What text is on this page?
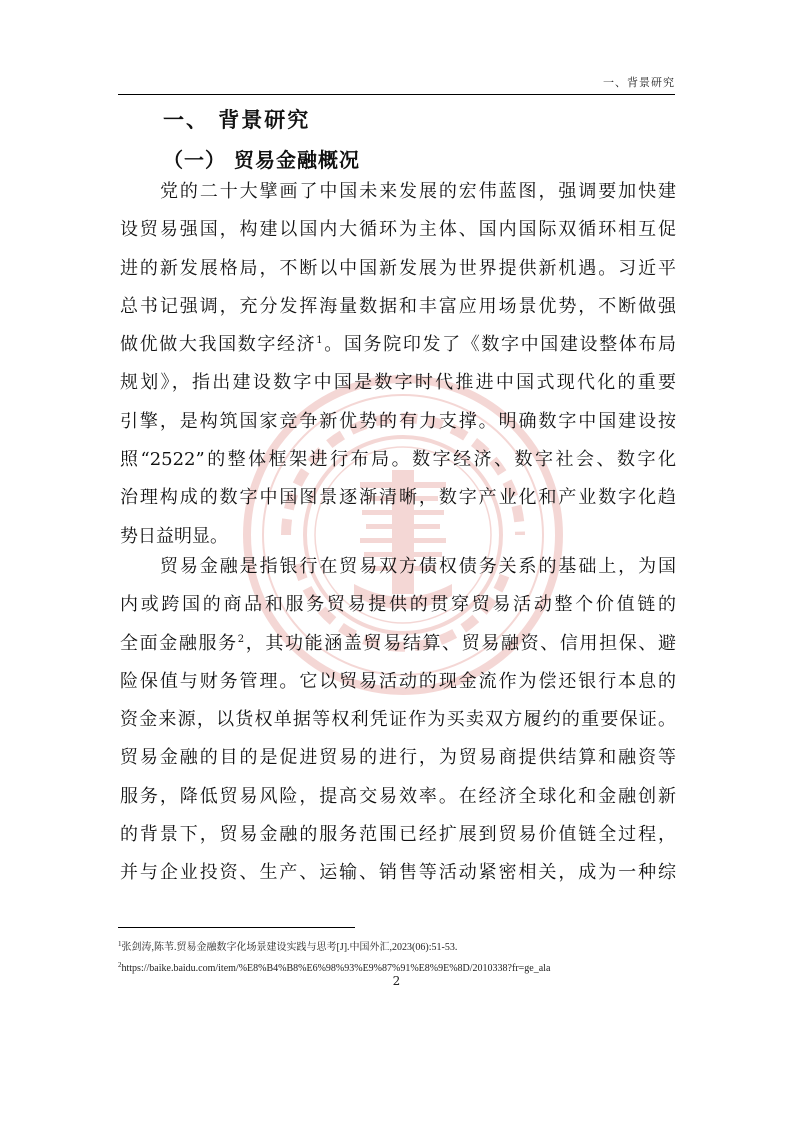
一、背景研究
一、 背景研究
（一） 贸易金融概况
党的二十大擘画了中国未来发展的宏伟蓝图，强调要加快建
设贸易强国，构建以国内大循环为主体、国内国际双循环相互促
进的新发展格局，不断以中国新发展为世界提供新机遇。习近平
总书记强调，充分发挥海量数据和丰富应用场景优势，不断做强
做优做大我国数字经济$^1$。国务院印发了《数字中国建设整体布局
规划》，指出建设数字中国是数字时代推进中国式现代化的重要
引擎，是构筑国家竞争新优势的有力支撑。明确数字中国建设按
照“2522”的整体框架进行布局。数字经济、数字社会、数字化
治理构成的数字中国图景逐渐清晰，数字产业化和产业数字化趋
势日益明显。
贸易金融是指银行在贸易双方债权债务关系的基础上，为国
内或跨国的商品和服务贸易提供的贯穿贸易活动整个价值链的
全面金融服务$^2$，其功能涵盖贸易结算、贸易融资、信用担保、避
险保值与财务管理。它以贸易活动的现金流作为偿还银行本息的
资金来源，以货权单据等权利凭证作为买卖双方履约的重要保证。
贸易金融的目的是促进贸易的进行，为贸易商提供结算和融资等
服务，降低贸易风险，提高交易效率。在经济全球化和金融创新
的背景下，贸易金融的服务范围已经扩展到贸易价值链全过程，
并与企业投资、生产、运输、销售等活动紧密相关，成为一种综
$^1$张剑涛,陈苇.贸易金融数字化场景建设实践与思考[J].中国外汇,2023(06):51-53.
$^2$https://baike.baidu.com/item/%E8%B4%B8%E6%98%93%E9%87%91%E8%9E%8D/2010338?fr=ge_ala
2
